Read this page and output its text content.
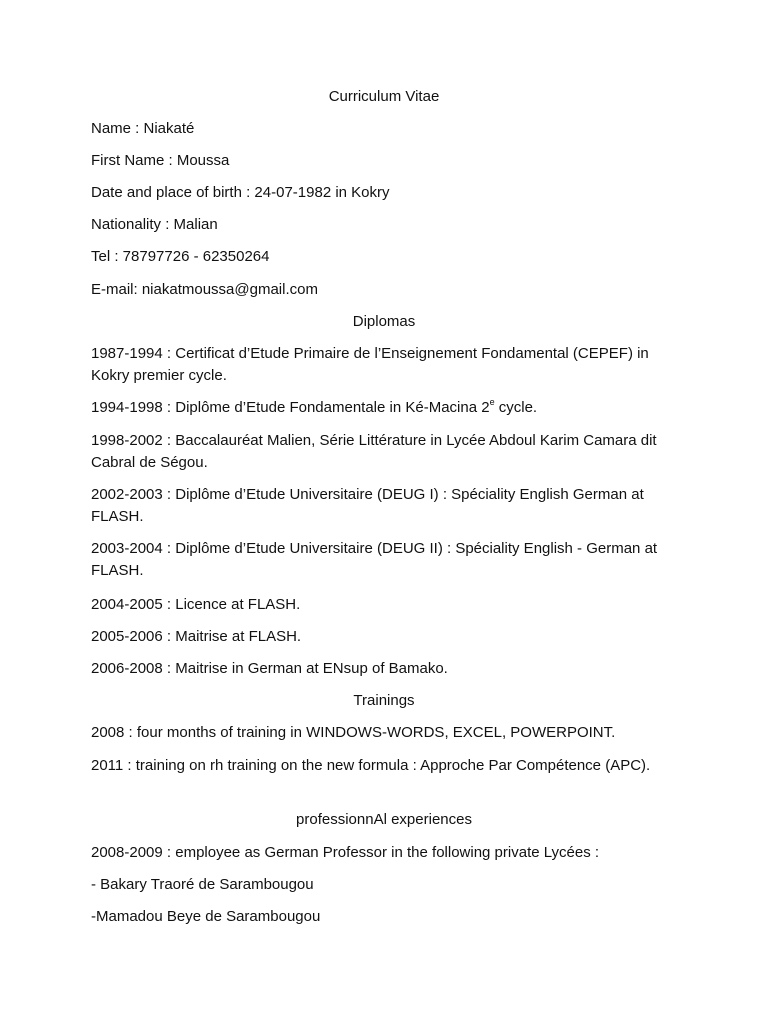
Curriculum Vitae
Name : Niakaté
First Name : Moussa
Date and place of birth : 24-07-1982 in Kokry
Nationality : Malian
Tel : 78797726 - 62350264
E-mail: niakatmoussa@gmail.com
Diplomas
1987-1994 : Certificat d’Etude Primaire de l’Enseignement Fondamental (CEPEF) in Kokry premier cycle.
1994-1998 : Diplôme d’Etude Fondamentale in Ké-Macina 2e cycle.
1998-2002 : Baccalauréat Malien, Série Littérature in Lycée Abdoul Karim Camara dit Cabral de Ségou.
2002-2003 : Diplôme d’Etude Universitaire (DEUG I) : Spéciality English German at FLASH.
2003-2004 : Diplôme d’Etude Universitaire (DEUG II) : Spéciality English - German at FLASH.
2004-2005 : Licence at FLASH.
2005-2006 : Maitrise at FLASH.
2006-2008 : Maitrise in German at ENsup of Bamako.
Trainings
2008 : four months of training in WINDOWS-WORDS, EXCEL, POWERPOINT.
2011 : training on rh training on the new formula : Approche Par Compétence (APC).
professionnAl experiences
2008-2009 : employee as German Professor in the following private Lycées :
- Bakary Traoré de Sarambougou
-Mamadou Beye de Sarambougou
